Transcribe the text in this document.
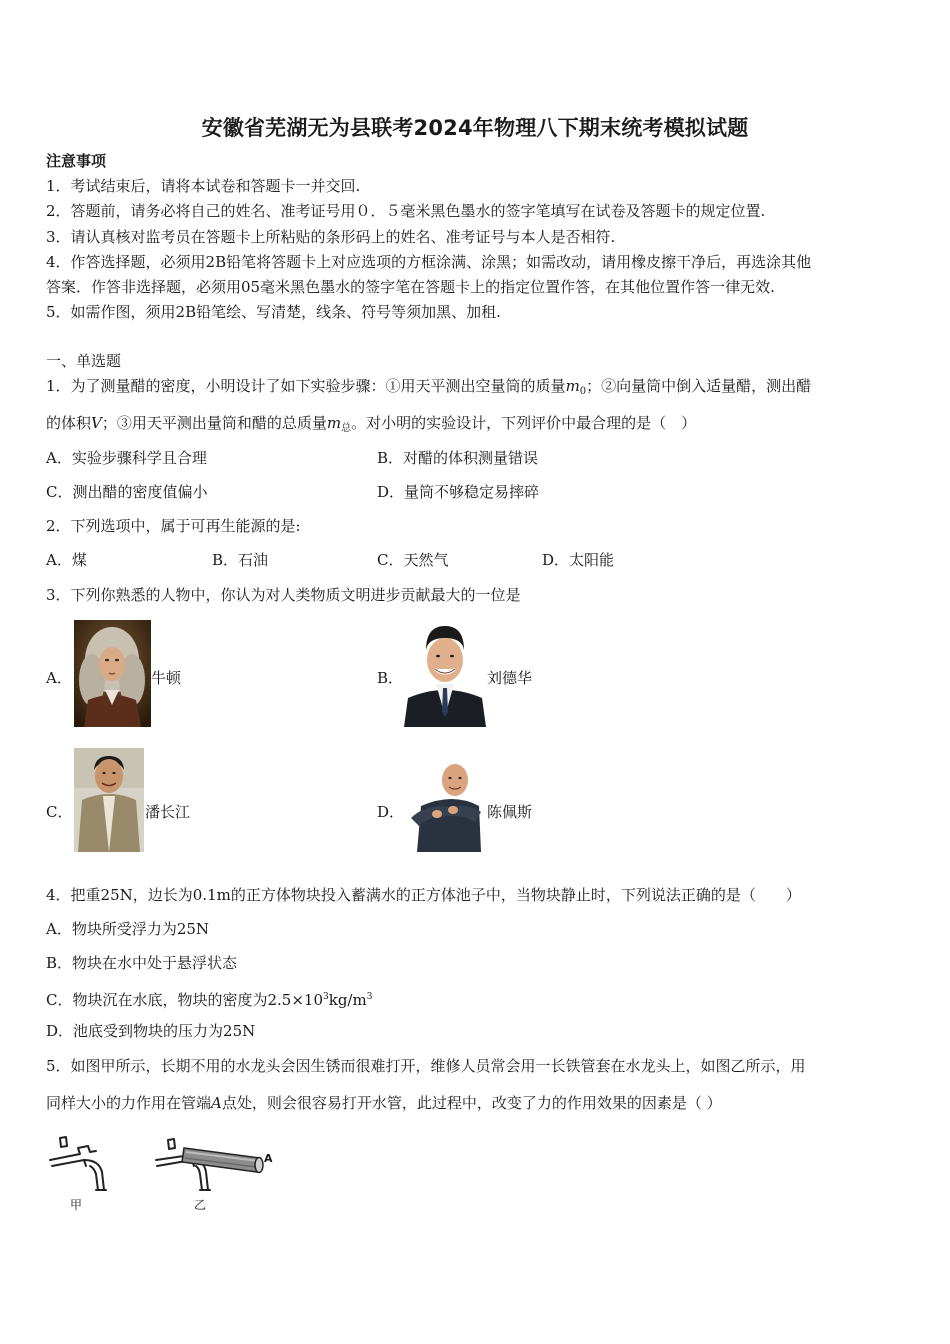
安徽省芜湖无为县联考2024年物理八下期末统考模拟试题
注意事项
1．考试结束后，请将本试卷和答题卡一并交回.
2．答题前，请务必将自己的姓名、准考证号用０．５毫米黑色墨水的签字笔填写在试卷及答题卡的规定位置.
3．请认真核对监考员在答题卡上所粘贴的条形码上的姓名、准考证号与本人是否相符.
4．作答选择题，必须用2B铅笔将答题卡上对应选项的方框涂满、涂黑；如需改动，请用橡皮擦干净后，再选涂其他
答案．作答非选择题，必须用05毫米黑色墨水的签字笔在答题卡上的指定位置作答，在其他位置作答一律无效.
5．如需作图，须用2B铅笔绘、写清楚，线条、符号等须加黑、加租.
一、单选题
1．为了测量醋的密度，小明设计了如下实验步骤：①用天平测出空量筒的质量$m_0$；②向量筒中倒入适量醋，测出醋
的体积V；③用天平测出量筒和醋的总质量$m_总$。对小明的实验设计，下列评价中最合理的是（　）
A．实验步骤科学且合理	B．对醋的体积测量错误
C．测出醋的密度值偏小	D．量筒不够稳定易摔碎
2．下列选项中，属于可再生能源的是:
A．煤	B．石油	C．天然气	D．太阳能
3．下列你熟悉的人物中，你认为对人类物质文明进步贡献最大的一位是
A．	牛顿	B．	刘德华
C．	潘长江	D．	陈佩斯
4．把重25N，边长为0.1m的正方体物块投入蓄满水的正方体池子中，当物块静止时，下列说法正确的是（　　）
A．物块所受浮力为25N
B．物块在水中处于悬浮状态
C．物块沉在水底，物块的密度为$2.5\times 10^3kg/m^3$
D．池底受到物块的压力为25N
5．如图甲所示，长期不用的水龙头会因生锈而很难打开，维修人员常会用一长铁管套在水龙头上，如图乙所示，用
同样大小的力作用在管端A点处，则会很容易打开水管，此过程中，改变了力的作用效果的因素是（ ）
甲	乙
A
